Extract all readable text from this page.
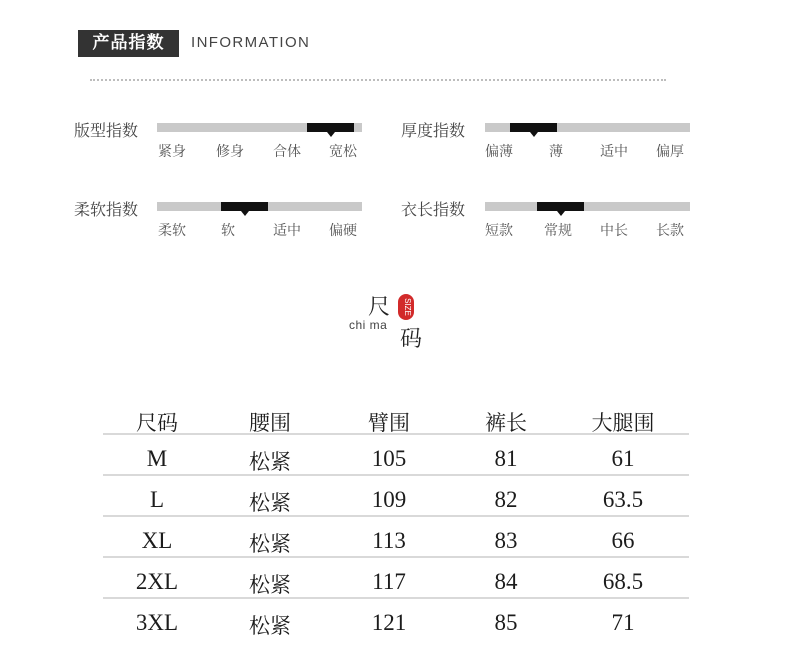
产品指数	INFORMATION
版型指数
紧身 修身 合体 宽松
厚度指数
偏薄	薄	适中 偏厚
柔软指数
柔软	软	适中 偏硬
衣长指数
短款 常规 中长 长款
尺	SIZE
chi ma
码
尺码	腰围	臂围	裤长	大腿围
M	松紧	105	81	61
L	松紧	109	82	63.5
XL	松紧	113	83	66
2XL	松紧	117	84	68.5
3XL	松紧	121	85	71
